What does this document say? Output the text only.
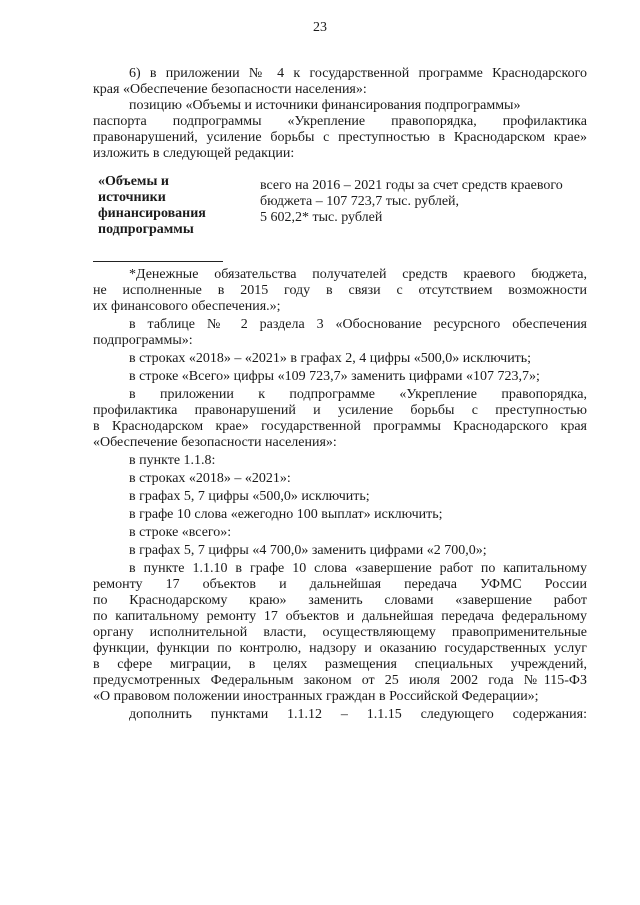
23
6) в приложении № 4 к государственной программе Краснодарского
края «Обеспечение безопасности населения»:
позицию «Объемы и источники финансирования подпрограммы»
паспорта подпрограммы «Укрепление правопорядка, профилактика
правонарушений, усиление борьбы с преступностью в Краснодарском крае»
изложить в следующей редакции:
«Объемы и
источники
финансирования
подпрограммы
всего на 2016 – 2021 годы за счет средств краевого
бюджета – 107 723,7 тыс. рублей,
5 602,2* тыс. рублей
*Денежные обязательства получателей средств краевого бюджета,
не исполненные в 2015 году в связи с отсутствием возможности
их финансового обеспечения.»;
в таблице № 2 раздела 3 «Обоснование ресурсного обеспечения
подпрограммы»:
в строках «2018» – «2021» в графах 2, 4 цифры «500,0» исключить;
в строке «Всего» цифры «109 723,7» заменить цифрами «107 723,7»;
в приложении к подпрограмме «Укрепление правопорядка,
профилактика правонарушений и усиление борьбы с преступностью
в Краснодарском крае» государственной программы Краснодарского края
«Обеспечение безопасности населения»:
в пункте 1.1.8:
в строках «2018» – «2021»:
в графах 5, 7 цифры «500,0» исключить;
в графе 10 слова «ежегодно 100 выплат» исключить;
в строке «всего»:
в графах 5, 7 цифры «4 700,0» заменить цифрами «2 700,0»;
в пункте 1.1.10 в графе 10 слова «завершение работ по капитальному
ремонту 17 объектов и дальнейшая передача УФМС России
по Краснодарскому краю» заменить словами «завершение работ
по капитальному ремонту 17 объектов и дальнейшая передача федеральному
органу исполнительной власти, осуществляющему правоприменительные
функции, функции по контролю, надзору и оказанию государственных услуг
в сфере миграции, в целях размещения специальных учреждений,
предусмотренных Федеральным законом от 25 июля 2002 года №115-ФЗ
«О правовом положении иностранных граждан в Российской Федерации»;
дополнить пунктами 1.1.12 – 1.1.15 следующего содержания:
